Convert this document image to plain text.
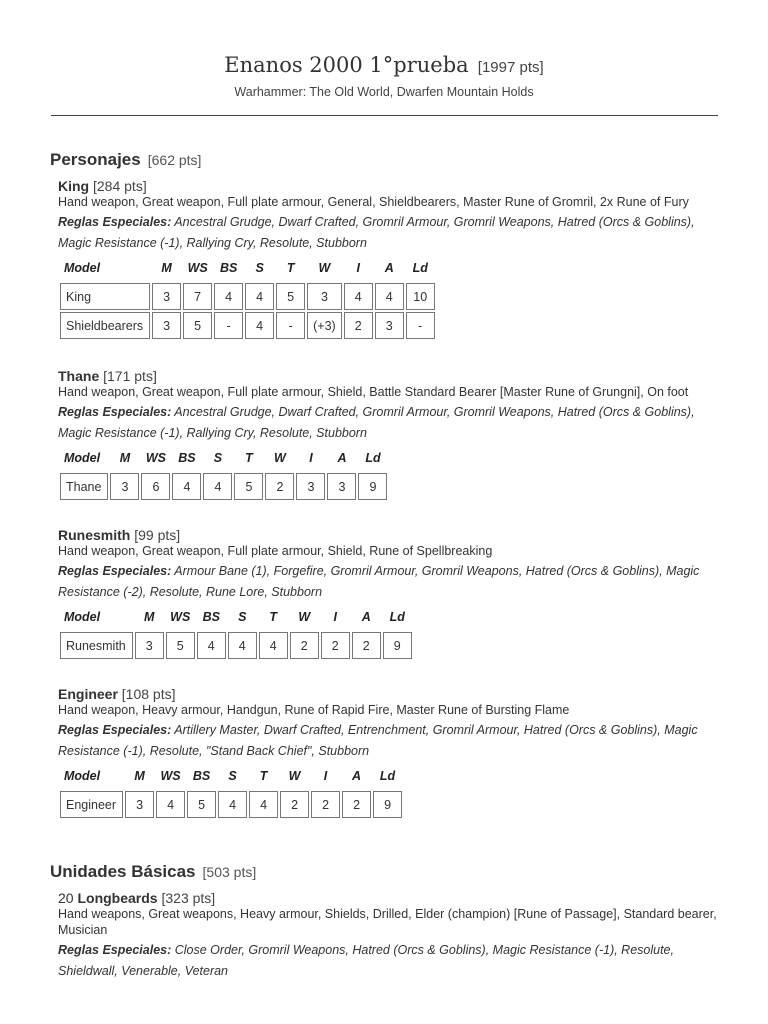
Enanos 2000 1°prueba [1997 pts]
Warhammer: The Old World, Dwarfen Mountain Holds
Personajes [662 pts]
King [284 pts]
Hand weapon, Great weapon, Full plate armour, General, Shieldbearers, Master Rune of Gromril, 2x Rune of Fury
Reglas Especiales: Ancestral Grudge, Dwarf Crafted, Gromril Armour, Gromril Weapons, Hatred (Orcs & Goblins), Magic Resistance (-1), Rallying Cry, Resolute, Stubborn
Model	M	WS	BS	S	T	W	I	A	Ld
King	3	7	4	4	5	3	4	4	10
Shieldbearers	3	5	-	4	-	(+3)	2	3	-
Thane [171 pts]
Hand weapon, Great weapon, Full plate armour, Shield, Battle Standard Bearer [Master Rune of Grungni], On foot
Reglas Especiales: Ancestral Grudge, Dwarf Crafted, Gromril Armour, Gromril Weapons, Hatred (Orcs & Goblins), Magic Resistance (-1), Rallying Cry, Resolute, Stubborn
Model	M	WS	BS	S	T	W	I	A	Ld
Thane	3	6	4	4	5	2	3	3	9
Runesmith [99 pts]
Hand weapon, Great weapon, Full plate armour, Shield, Rune of Spellbreaking
Reglas Especiales: Armour Bane (1), Forgefire, Gromril Armour, Gromril Weapons, Hatred (Orcs & Goblins), Magic Resistance (-2), Resolute, Rune Lore, Stubborn
Model	M	WS	BS	S	T	W	I	A	Ld
Runesmith	3	5	4	4	4	2	2	2	9
Engineer [108 pts]
Hand weapon, Heavy armour, Handgun, Rune of Rapid Fire, Master Rune of Bursting Flame
Reglas Especiales: Artillery Master, Dwarf Crafted, Entrenchment, Gromril Armour, Hatred (Orcs & Goblins), Magic Resistance (-1), Resolute, "Stand Back Chief", Stubborn
Model	M	WS	BS	S	T	W	I	A	Ld
Engineer	3	4	5	4	4	2	2	2	9
Unidades Básicas [503 pts]
20 Longbeards [323 pts]
Hand weapons, Great weapons, Heavy armour, Shields, Drilled, Elder (champion) [Rune of Passage], Standard bearer, Musician
Reglas Especiales: Close Order, Gromril Weapons, Hatred (Orcs & Goblins), Magic Resistance (-1), Resolute, Shieldwall, Venerable, Veteran
